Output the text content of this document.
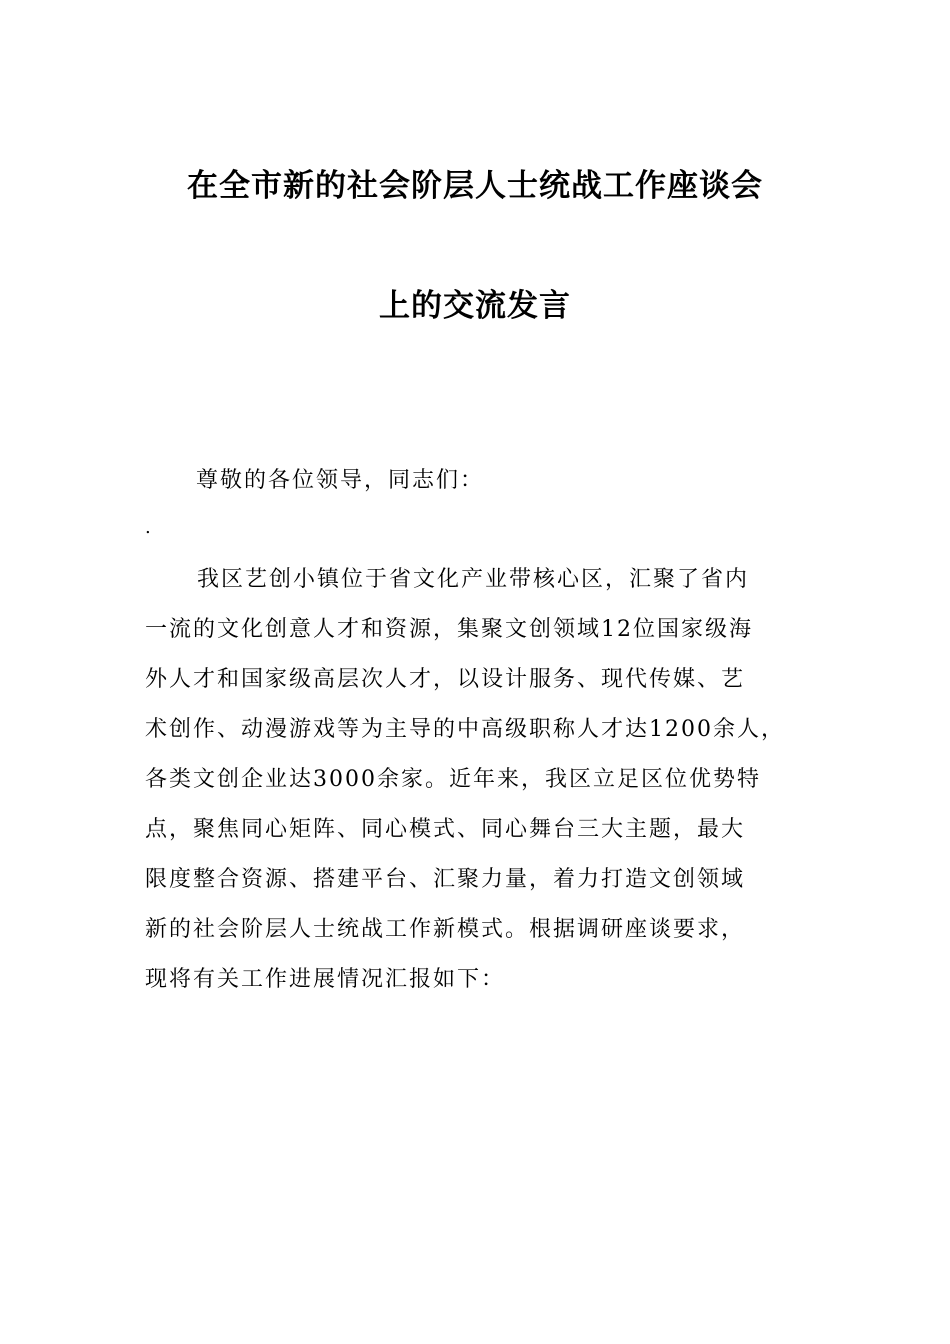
在全市新的社会阶层人士统战工作座谈会
上的交流发言
尊敬的各位领导，同志们：
.
我区艺创小镇位于省文化产业带核心区，汇聚了省内
一流的文化创意人才和资源，集聚文创领域12位国家级海
外人才和国家级高层次人才，以设计服务、现代传媒、艺
术创作、动漫游戏等为主导的中高级职称人才达1200余人，
各类文创企业达3000余家。近年来，我区立足区位优势特
点，聚焦同心矩阵、同心模式、同心舞台三大主题，最大
限度整合资源、搭建平台、汇聚力量，着力打造文创领域
新的社会阶层人士统战工作新模式。根据调研座谈要求，
现将有关工作进展情况汇报如下：
